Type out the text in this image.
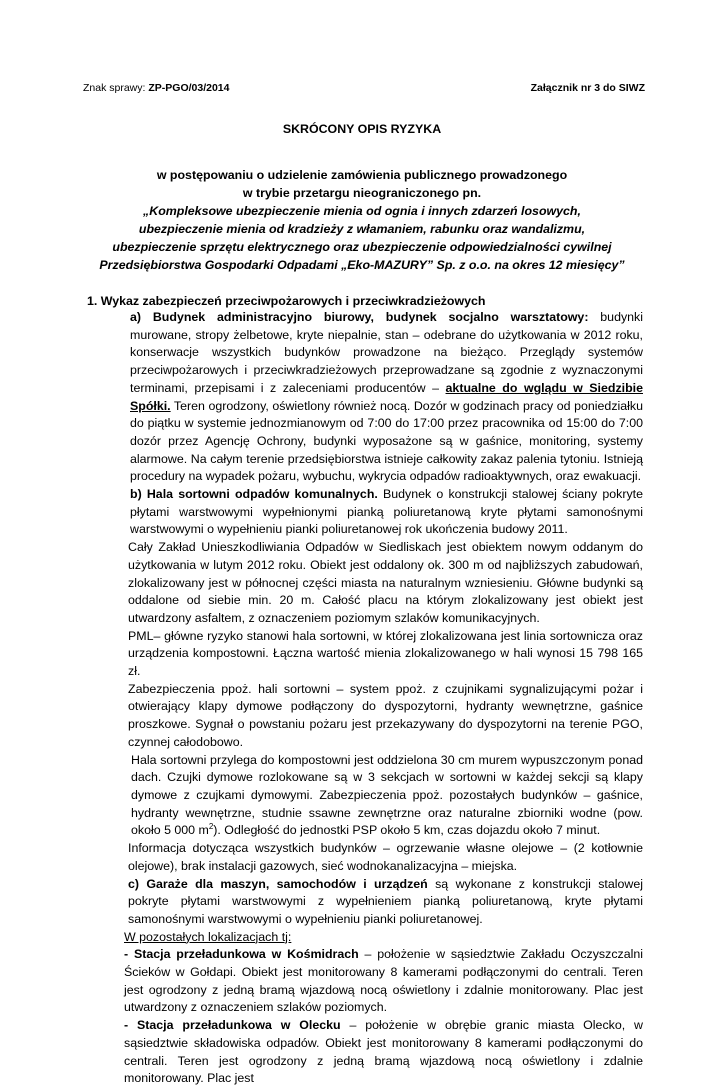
Znak sprawy: ZP-PGO/03/2014	Załącznik nr 3 do SIWZ
SKRÓCONY OPIS RYZYKA
w postępowaniu o udzielenie zamówienia publicznego prowadzonego
w trybie przetargu nieograniczonego pn.
„Kompleksowe ubezpieczenie mienia od ognia i innych zdarzeń losowych,
ubezpieczenie mienia od kradzieży z włamaniem, rabunku oraz wandalizmu,
ubezpieczenie sprzętu elektrycznego oraz ubezpieczenie odpowiedzialności cywilnej
Przedsiębiorstwa Gospodarki Odpadami „Eko-MAZURY” Sp. z o.o. na okres 12 miesięcy”
1. Wykaz zabezpieczeń przeciwpożarowych i przeciwkradzieżowych

a) Budynek administracyjno biurowy, budynek socjalno warsztatowy: budynki murowane, stropy żelbetowe, kryte niepalnie, stan – odebrane do użytkowania w 2012 roku, konserwacje wszystkich budynków prowadzone na bieżąco. Przeglądy systemów przeciwpożarowych i przeciwkradzieżowych przeprowadzane są zgodnie z wyznaczonymi terminami, przepisami i z zaleceniami producentów – aktualne do wglądu w Siedzibie Spółki. Teren ogrodzony, oświetlony również nocą. Dozór w godzinach pracy od poniedziałku do piątku w systemie jednozmianowym od 7:00 do 17:00 przez pracownika od 15:00 do 7:00 dozór przez Agencję Ochrony, budynki wyposażone są w gaśnice, monitoring, systemy alarmowe. Na całym terenie przedsiębiorstwa istnieje całkowity zakaz palenia tytoniu. Istnieją procedury na wypadek pożaru, wybuchu, wykrycia odpadów radioaktywnych, oraz ewakuacji.

b) Hala sortowni odpadów komunalnych. Budynek o konstrukcji stalowej ściany pokryte płytami warstwowymi wypełnionymi pianką poliuretanową kryte płytami samonośnymi warstwowymi o wypełnieniu pianki poliuretanowej rok ukończenia budowy 2011.

Cały Zakład Unieszkodliwiania Odpadów w Siedliskach jest obiektem nowym oddanym do użytkowania w lutym 2012 roku. Obiekt jest oddalony ok. 300 m od najbliższych zabudowań, zlokalizowany jest w północnej części miasta na naturalnym wzniesieniu. Główne budynki są oddalone od siebie min. 20 m. Całość placu na którym zlokalizowany jest obiekt jest utwardzony asfaltem, z oznaczeniem poziomym szlaków komunikacyjnych.

PML– główne ryzyko stanowi hala sortowni, w której zlokalizowana jest linia sortownicza oraz urządzenia kompostowni. Łączna wartość mienia zlokalizowanego w hali wynosi 15 798 165 zł.

Zabezpieczenia ppoż. hali sortowni – system ppoż. z czujnikami sygnalizującymi pożar i otwierający klapy dymowe podłączony do dyspozytorni, hydranty wewnętrzne, gaśnice proszkowe. Sygnał o powstaniu pożaru jest przekazywany do dyspozytorni na terenie PGO, czynnej całodobowo.

Hala sortowni przylega do kompostowni jest oddzielona 30 cm murem wypuszczonym ponad dach. Czujki dymowe rozlokowane są w 3 sekcjach w sortowni w każdej sekcji są klapy dymowe z czujkami dymowymi. Zabezpieczenia ppoż. pozostałych budynków – gaśnice, hydranty wewnętrzne, studnie ssawne zewnętrzne oraz naturalne zbiorniki wodne (pow. około 5 000 $m^2$). Odległość do jednostki PSP około 5 km, czas dojazdu około 7 minut.

Informacja dotycząca wszystkich budynków – ogrzewanie własne olejowe – (2 kotłownie olejowe), brak instalacji gazowych, sieć wodnokanalizacyjna – miejska.

c) Garaże dla maszyn, samochodów i urządzeń są wykonane z konstrukcji stalowej pokryte płytami warstwowymi z wypełnieniem pianką poliuretanową, kryte płytami samonośnymi warstwowymi o wypełnieniu pianki poliuretanowej.

W pozostałych lokalizacjach tj:

- Stacja przeładunkowa w Kośmidrach – położenie w sąsiedztwie Zakładu Oczyszczalni Ścieków w Gołdapi. Obiekt jest monitorowany 8 kamerami podłączonymi do centrali. Teren jest ogrodzony z jedną bramą wjazdową nocą oświetlony i zdalnie monitorowany. Plac jest utwardzony z oznaczeniem szlaków poziomych.

- Stacja przeładunkowa w Olecku – położenie w obrębie granic miasta Olecko, w sąsiedztwie składowiska odpadów. Obiekt jest monitorowany 8 kamerami podłączonymi do centrali. Teren jest ogrodzony z jedną bramą wjazdową nocą oświetlony i zdalnie monitorowany. Plac jest
